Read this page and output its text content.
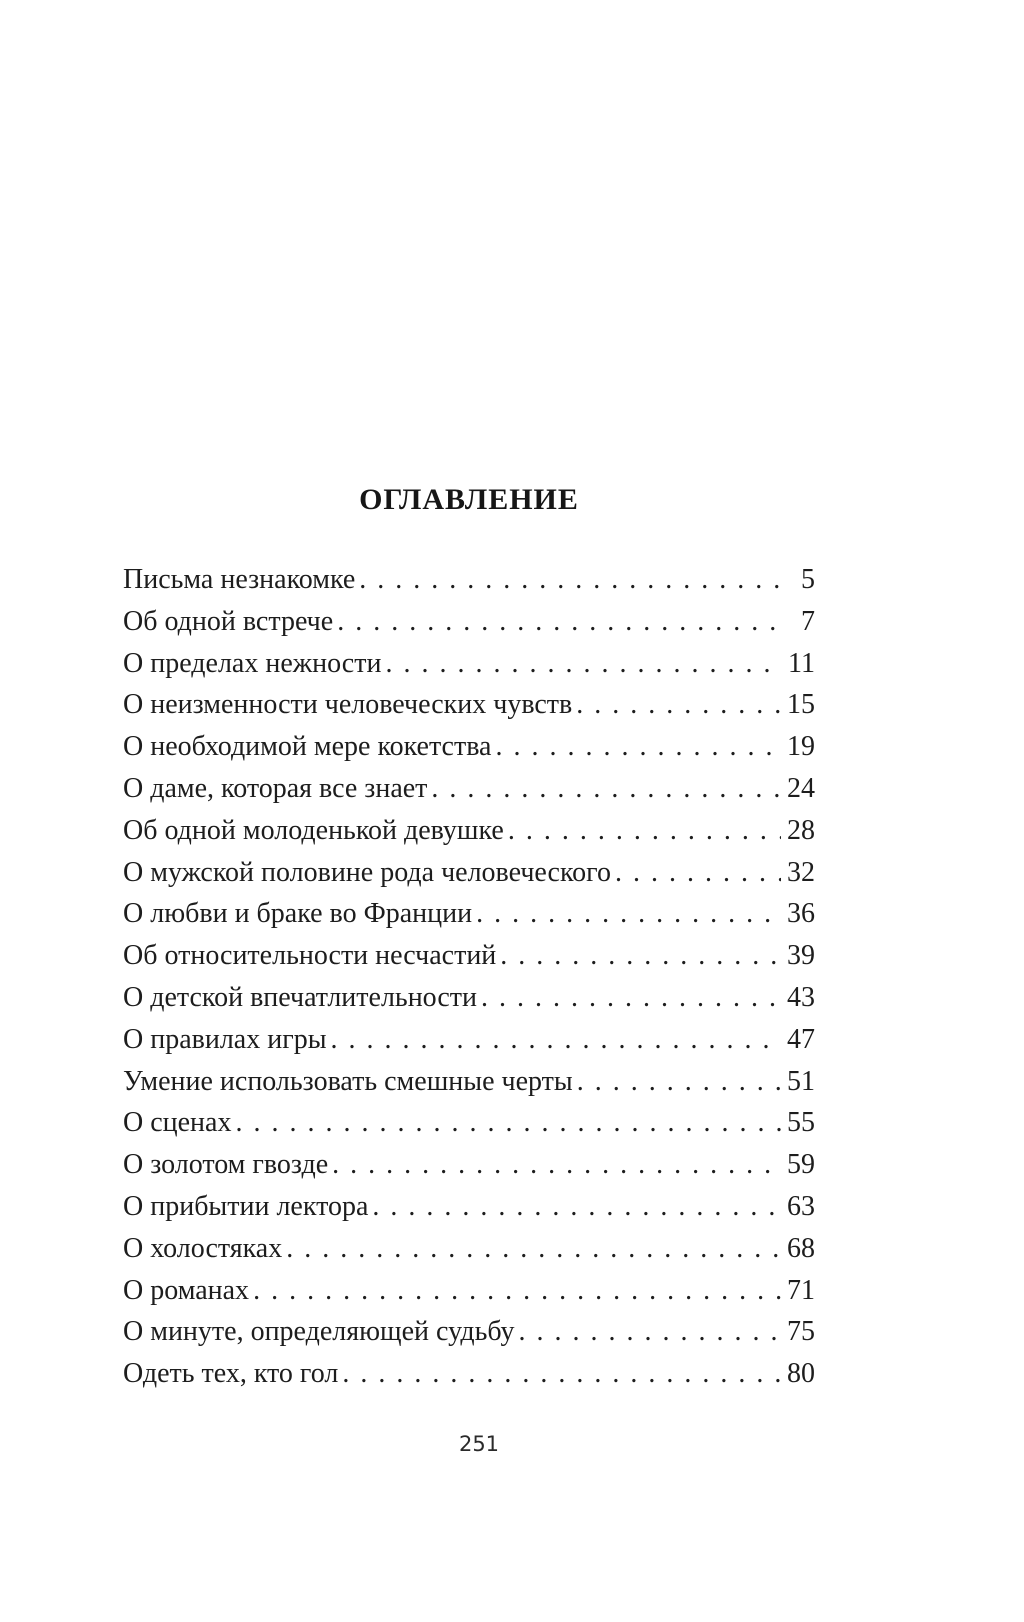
ОГЛАВЛЕНИЕ
Письма незнакомке . . .	5
Об одной встрече . . .	7
О пределах нежности . . .	11
О неизменности человеческих чувств . . .	15
О необходимой мере кокетства . . .	19
О даме, которая все знает . . .	24
Об одной молоденькой девушке . . .	28
О мужской половине рода человеческого . . .	32
О любви и браке во Франции . . .	36
Об относительности несчастий . . .	39
О детской впечатлительности . . .	43
О правилах игры . . .	47
Умение использовать смешные черты . . .	51
О сценах . . .	55
О золотом гвозде . . .	59
О прибытии лектора . . .	63
О холостяках . . .	68
О романах . . .	71
О минуте, определяющей судьбу . . .	75
Одеть тех, кто гол . . .	80
251
